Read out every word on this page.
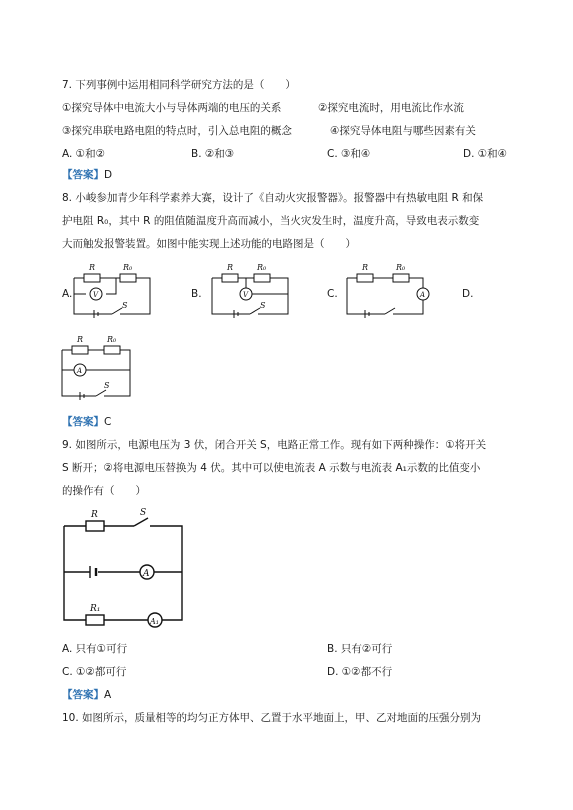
7. 下列事例中运用相同科学研究方法的是（　　）
①探究导体中电流大小与导体两端的电压的关系	②探究电流时，用电流比作水流
③探究串联电路电阻的特点时，引入总电阻的概念	④探究导体电阻与哪些因素有关
A. ①和②	B. ②和③	C. ③和④	D. ①和④
【答案】D
8. 小峻参加青少年科学素养大赛，设计了《自动火灾报警器》。报警器中有热敏电阻 R 和保
护电阻 R₀，其中 R 的阻值随温度升高而减小，当火灾发生时，温度升高，导致电表示数变
大而触发报警装置。如图中能实现上述功能的电路图是（　　）
A.	B.	C.	D.
R	R₀
V
S
R	R₀
V
S
R	R₀
A
R	R₀
A
S
【答案】C
9. 如图所示，电源电压为 3 伏，闭合开关 S，电路正常工作。现有如下两种操作：①将开关
S 断开；②将电源电压替换为 4 伏。其中可以使电流表 A 示数与电流表 A₁示数的比值变小
的操作有（　　）
R	S
A
R₁
A₁
A. 只有①可行	B. 只有②可行
C. ①②都可行	D. ①②都不行
【答案】A
10. 如图所示，质量相等的均匀正方体甲、乙置于水平地面上，甲、乙对地面的压强分别为
